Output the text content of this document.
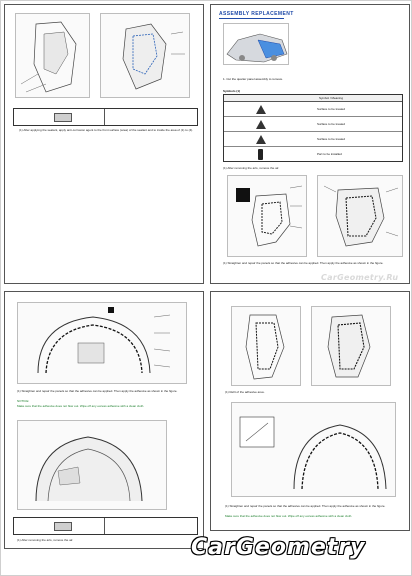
(1) After applying the sealant, apply anti-corrosion agent to the front surface (area) of the sealant and to inside the area of (1) to (4).
ASSEMBLY REPLACEMENT
1. Cut the quarter panel assembly to remove.
Symbols (1)
Symbol / Meaning
Surface to be treated
Surface to be treated
Surface to be treated
Part to be installed
(1) After removing the arts, remove the air.
(1) Straighten and repair the panels so that the adhesive can be applied. Then apply the adhesive as shown in the figure.
CarGeometry.Ru
(1) Straighten and repair the panels so that the adhesive can be applied. Then apply the adhesive as shown in the figure.
NOTICE:
Make sure that the adhesive does not flow out. Wipe off any excess adhesive with a clean cloth.
(1) After removing the arts, remove the air.
(1) Refit of the adhesive area.
(1) Straighten and repair the panels so that the adhesive can be applied. Then apply the adhesive as shown in the figure.
Make sure that the adhesive does not flow out. Wipe off any excess adhesive with a clean cloth.
CarGeometry
